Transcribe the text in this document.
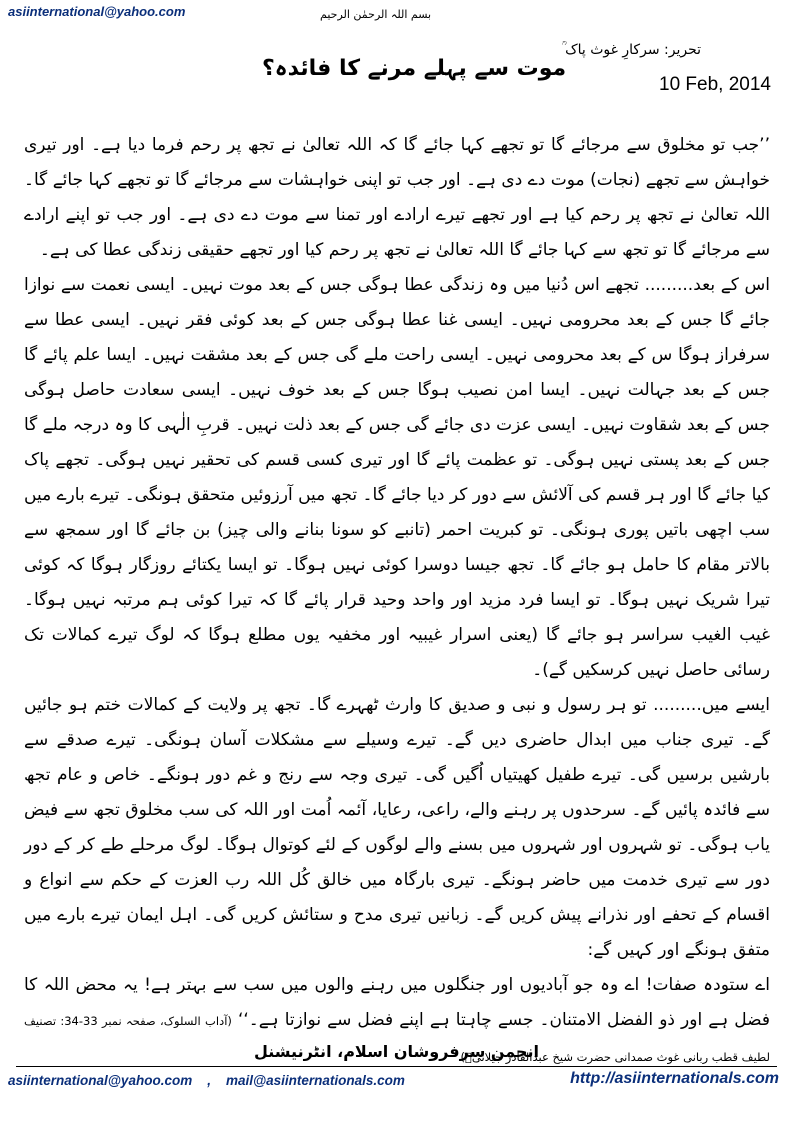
asiinternational@yahoo.com	بسم اللہ الرحمٰن الرحیم
تحریر: سرکارِ غوث پاک ؒ
10 Feb, 2014
موت سے پہلے مرنے کا فائدہ؟

’’جب تو مخلوق سے مرجائے گا تو تجھے کہا جائے گا کہ اللہ تعالیٰ نے تجھ پر رحم فرما دیا ہے۔ اور تیری خواہش سے تجھے (نجات) موت دے دی ہے۔ اور جب تو اپنی خواہشات سے مرجائے گا تو تجھے کہا جائے گا۔ اللہ تعالیٰ نے تجھ پر رحم کیا ہے اور تجھے تیرے ارادے اور تمنا سے موت دے دی ہے۔ اور جب تو اپنے ارادے سے مرجائے گا تو تجھ سے کہا جائے گا اللہ تعالیٰ نے تجھ پر رحم کیا اور تجھے حقیقی زندگی عطا کی ہے۔

اس کے بعد......... تجھے اس دُنیا میں وہ زندگی عطا ہوگی جس کے بعد موت نہیں۔ ایسی نعمت سے نوازا جائے گا جس کے بعد محرومی نہیں۔ ایسی غنا عطا ہوگی جس کے بعد کوئی فقر نہیں۔ ایسی عطا سے سرفراز ہوگا س کے بعد محرومی نہیں۔ ایسی راحت ملے گی جس کے بعد مشقت نہیں۔ ایسا علم پائے گا جس کے بعد جہالت نہیں۔ ایسا امن نصیب ہوگا جس کے بعد خوف نہیں۔ ایسی سعادت حاصل ہوگی جس کے بعد شقاوت نہیں۔ ایسی عزت دی جائے گی جس کے بعد ذلت نہیں۔ قربِ الٰہی کا وہ درجہ ملے گا جس کے بعد پستی نہیں ہوگی۔ تو عظمت پائے گا اور تیری کسی قسم کی تحقیر نہیں ہوگی۔ تجھے پاک کیا جائے گا اور ہر قسم کی آلائش سے دور کر دیا جائے گا۔ تجھ میں آرزوئیں متحقق ہونگی۔ تیرے بارے میں سب اچھی باتیں پوری ہونگی۔ تو کبریت احمر (تانبے کو سونا بنانے والی چیز) بن جائے گا اور سمجھ سے بالاتر مقام کا حامل ہو جائے گا۔ تجھ جیسا دوسرا کوئی نہیں ہوگا۔ تو ایسا یکتائے روزگار ہوگا کہ کوئی تیرا شریک نہیں ہوگا۔ تو ایسا فرد مزید اور واحد وحید قرار پائے گا کہ تیرا کوئی ہم مرتبہ نہیں ہوگا۔ غیب الغیب سراسر ہو جائے گا (یعنی اسرار غیبیہ اور مخفیہ یوں مطلع ہوگا کہ لوگ تیرے کمالات تک رسائی حاصل نہیں کرسکیں گے)۔

ایسے میں......... تو ہر رسول و نبی و صدیق کا وارث ٹھہرے گا۔ تجھ پر ولایت کے کمالات ختم ہو جائیں گے۔ تیری جناب میں ابدال حاضری دیں گے۔ تیرے وسیلے سے مشکلات آسان ہونگی۔ تیرے صدقے سے بارشیں برسیں گی۔ تیرے طفیل کھیتیاں اُگیں گی۔ تیری وجہ سے رنج و غم دور ہونگے۔ خاص و عام تجھ سے فائدہ پائیں گے۔ سرحدوں پر رہنے والے، راعی، رعایا، آئمہ اُمت اور اللہ کی سب مخلوق تجھ سے فیض یاب ہوگی۔ تو شہروں اور شہروں میں بسنے والے لوگوں کے لئے کوتوال ہوگا۔ لوگ مرحلے طے کر کے دور دور سے تیری خدمت میں حاضر ہونگے۔ تیری بارگاہ میں خالق کُل اللہ رب العزت کے حکم سے انواع و اقسام کے تحفے اور نذرانے پیش کریں گے۔ زبانیں تیری مدح و ستائش کریں گی۔ اہل ایمان تیرے بارے میں متفق ہونگے اور کہیں گے:

اے ستودہ صفات! اے وہ جو آبادیوں اور جنگلوں میں رہنے والوں میں سب سے بہتر ہے! یہ محض اللہ کا فضل ہے اور ذو الفضل الامتنان۔ جسے چاہتا ہے اپنے فضل سے نوازتا ہے۔‘‘ (آداب السلوک، صفحہ نمبر 33-34: تصنیف لطیف قطب ربانی غوث صمدانی حضرت شیخ عبدالقادر جیلانیؒ)

انجمن سرفروشان اسلام، انٹرنیشنل
asiinternational@yahoo.com    ,    mail@asiinternationals.com	http://asiinternationals.com
